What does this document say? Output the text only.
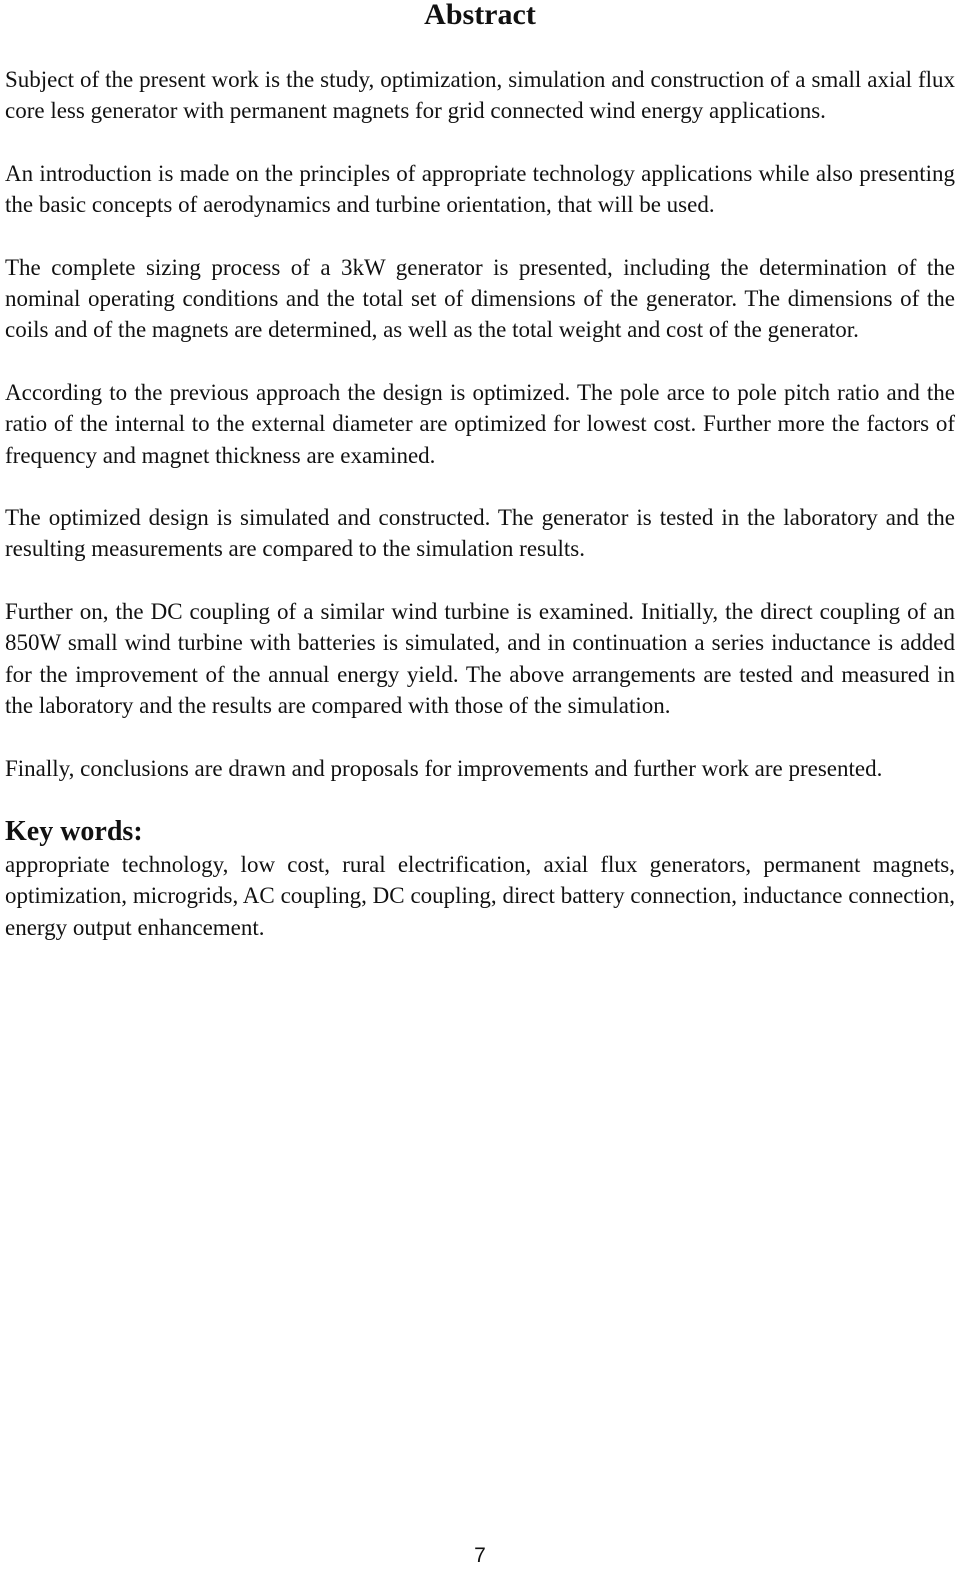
Abstract

Subject of the present work is the study, optimization, simulation and construction of a small axial flux core less generator with permanent magnets for grid connected wind energy applications.

An introduction is made on the principles of appropriate technology applications while also presenting the basic concepts of aerodynamics and turbine orientation, that will be used.

The complete sizing process of a 3kW generator is presented, including the determination of the nominal operating conditions and the total set of dimensions of the generator. The dimensions of the coils and of the magnets are determined, as well as the total weight and cost of the generator.

According to the previous approach the design is optimized. The pole arce to pole pitch ratio and the ratio of the internal to the external diameter are optimized for lowest cost. Further more the factors of frequency and magnet thickness are examined.

The optimized design is simulated and constructed. The generator is tested in the laboratory and the resulting measurements are compared to the simulation results.

Further on, the DC coupling of a similar wind turbine is examined. Initially, the direct coupling of an 850W small wind turbine with batteries is simulated, and in continuation a series inductance is added for the improvement of the annual energy yield. The above arrangements are tested and measured in the laboratory and the results are compared with those of the simulation.

Finally, conclusions are drawn and proposals for improvements and further work are presented.

Key words:

appropriate technology, low cost, rural electrification, axial flux generators, permanent magnets, optimization, microgrids, AC coupling, DC coupling, direct battery connection, inductance connection, energy output enhancement.

7
